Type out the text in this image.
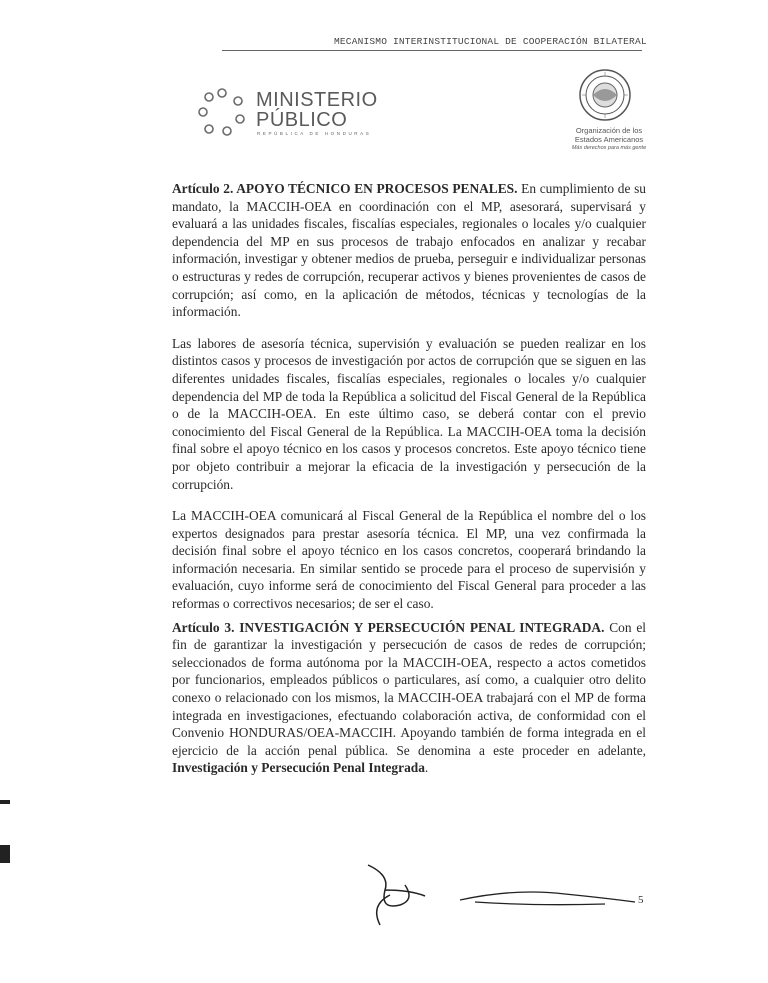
MECANISMO INTERINSTITUCIONAL DE COOPERACIÓN BILATERAL
MINISTERIO
PÚBLICO
REPÚBLICA DE HONDURAS	Organización de los
Estados Americanos
Más derechos para más gente

Artículo 2. APOYO TÉCNICO EN PROCESOS PENALES. En cumplimiento de su mandato, la MACCIH-OEA en coordinación con el MP, asesorará, supervisará y evaluará a las unidades fiscales, fiscalías especiales, regionales o locales y/o cualquier dependencia del MP en sus procesos de trabajo enfocados en analizar y recabar información, investigar y obtener medios de prueba, perseguir e individualizar personas o estructuras y redes de corrupción, recuperar activos y bienes provenientes de casos de corrupción; así como, en la aplicación de métodos, técnicas y tecnologías de la información.

Las labores de asesoría técnica, supervisión y evaluación se pueden realizar en los distintos casos y procesos de investigación por actos de corrupción que se siguen en las diferentes unidades fiscales, fiscalías especiales, regionales o locales y/o cualquier dependencia del MP de toda la República a solicitud del Fiscal General de la República o de la MACCIH-OEA. En este último caso, se deberá contar con el previo conocimiento del Fiscal General de la República. La MACCIH-OEA toma la decisión final sobre el apoyo técnico en los casos y procesos concretos. Este apoyo técnico tiene por objeto contribuir a mejorar la eficacia de la investigación y persecución de la corrupción.

La MACCIH-OEA comunicará al Fiscal General de la República el nombre del o los expertos designados para prestar asesoría técnica. El MP, una vez confirmada la decisión final sobre el apoyo técnico en los casos concretos, cooperará brindando la información necesaria. En similar sentido se procede para el proceso de supervisión y evaluación, cuyo informe será de conocimiento del Fiscal General para proceder a las reformas o correctivos necesarios; de ser el caso.

Artículo 3. INVESTIGACIÓN Y PERSECUCIÓN PENAL INTEGRADA. Con el fin de garantizar la investigación y persecución de casos de redes de corrupción; seleccionados de forma autónoma por la MACCIH-OEA, respecto a actos cometidos por funcionarios, empleados públicos o particulares, así como, a cualquier otro delito conexo o relacionado con los mismos, la MACCIH-OEA trabajará con el MP de forma integrada en investigaciones, efectuando colaboración activa, de conformidad con el Convenio HONDURAS/OEA-MACCIH. Apoyando también de forma integrada en el ejercicio de la acción penal pública. Se denomina a este proceder en adelante, Investigación y Persecución Penal Integrada.

5
